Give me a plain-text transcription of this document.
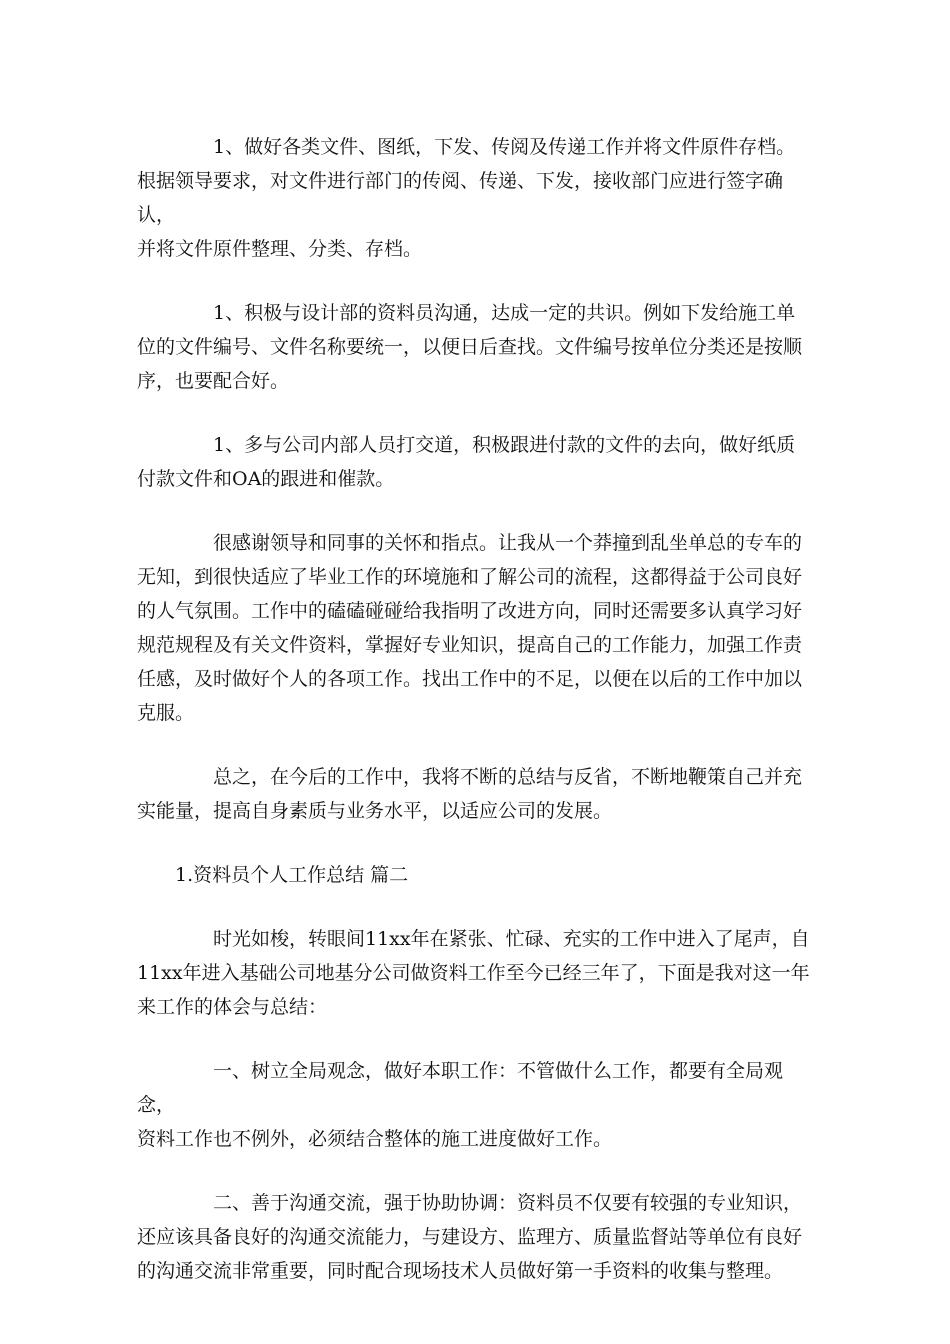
1、做好各类文件、图纸，下发、传阅及传递工作并将文件原件存档。
根据领导要求，对文件进行部门的传阅、传递、下发，接收部门应进行签字确认，
并将文件原件整理、分类、存档。

1、积极与设计部的资料员沟通，达成一定的共识。例如下发给施工单
位的文件编号、文件名称要统一，以便日后查找。文件编号按单位分类还是按顺
序，也要配合好。

1、多与公司内部人员打交道，积极跟进付款的文件的去向，做好纸质
付款文件和OA的跟进和催款。

很感谢领导和同事的关怀和指点。让我从一个莽撞到乱坐单总的专车的
无知，到很快适应了毕业工作的环境施和了解公司的流程，这都得益于公司良好
的人气氛围。工作中的磕磕碰碰给我指明了改进方向，同时还需要多认真学习好
规范规程及有关文件资料，掌握好专业知识，提高自己的工作能力，加强工作责
任感，及时做好个人的各项工作。找出工作中的不足，以便在以后的工作中加以
克服。

总之，在今后的工作中，我将不断的总结与反省，不断地鞭策自己并充
实能量，提高自身素质与业务水平，以适应公司的发展。

1.资料员个人工作总结 篇二

时光如梭，转眼间11xx年在紧张、忙碌、充实的工作中进入了尾声，自
11xx年进入基础公司地基分公司做资料工作至今已经三年了，下面是我对这一年
来工作的体会与总结：

一、树立全局观念，做好本职工作：不管做什么工作，都要有全局观念，
资料工作也不例外，必须结合整体的施工进度做好工作。

二、善于沟通交流，强于协助协调：资料员不仅要有较强的专业知识，
还应该具备良好的沟通交流能力，与建设方、监理方、质量监督站等单位有良好
的沟通交流非常重要，同时配合现场技术人员做好第一手资料的收集与整理。
